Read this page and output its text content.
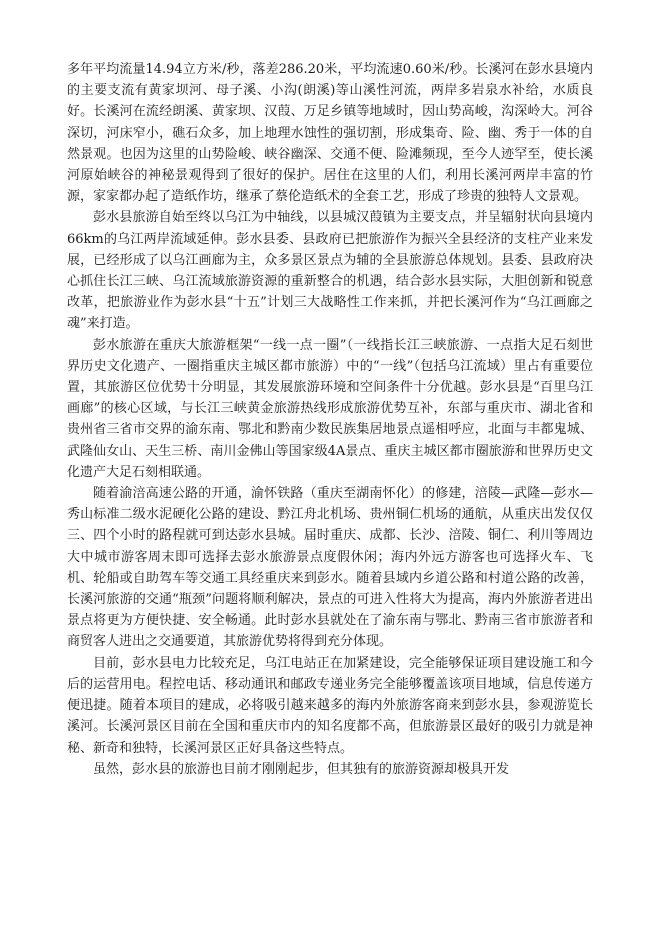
多年平均流量14.94立方米/秒，落差286.20米，平均流速0.60米/秒。长溪河在彭水县境内的主要支流有黄家坝河、母子溪、小沟(朗溪)等山溪性河流，两岸多岩泉水补给，水质良好。长溪河在流经朗溪、黄家坝、汉葭、万足乡镇等地域时，因山势高峻，沟深岭大。河谷深切，河床窄小，礁石众多，加上地理水蚀性的强切割，形成集奇、险、幽、秀于一体的自然景观。也因为这里的山势险峻、峡谷幽深、交通不便、险滩频现，至今人迹罕至，使长溪河原始峡谷的神秘景观得到了很好的保护。居住在这里的人们，利用长溪河两岸丰富的竹源，家家都办起了造纸作坊，继承了蔡伦造纸术的全套工艺，形成了珍贵的独特人文景观。

彭水县旅游自始至终以乌江为中轴线，以县城汉葭镇为主要支点，并呈辐射状向县境内66km的乌江两岸流域延伸。彭水县委、县政府已把旅游作为振兴全县经济的支柱产业来发展，已经形成了以乌江画廊为主，众多景区景点为辅的全县旅游总体规划。县委、县政府决心抓住长江三峡、乌江流域旅游资源的重新整合的机遇，结合彭水县实际，大胆创新和锐意改革，把旅游业作为彭水县“十五”计划三大战略性工作来抓，并把长溪河作为“乌江画廊之魂”来打造。

彭水旅游在重庆大旅游框架“一线一点一圈”（一线指长江三峡旅游、一点指大足石刻世界历史文化遗产、一圈指重庆主城区都市旅游）中的“一线”（包括乌江流域）里占有重要位置，其旅游区位优势十分明显，其发展旅游环境和空间条件十分优越。彭水县是“百里乌江画廊”的核心区域，与长江三峡黄金旅游热线形成旅游优势互补，东部与重庆市、湖北省和贵州省三省市交界的渝东南、鄂北和黔南少数民族集居地景点遥相呼应，北面与丰都鬼城、武隆仙女山、天生三桥、南川金佛山等国家级4A景点、重庆主城区都市圈旅游和世界历史文化遗产大足石刻相联通。

随着渝涪高速公路的开通，渝怀铁路（重庆至湖南怀化）的修建，涪陵—武隆—彭水—秀山标准二级水泥硬化公路的建设、黔江舟北机场、贵州铜仁机场的通航，从重庆出发仅仅三、四个小时的路程就可到达彭水县城。届时重庆、成都、长沙、涪陵、铜仁、利川等周边大中城市游客周末即可选择去彭水旅游景点度假休闲；海内外远方游客也可选择火车、飞机、轮船或自助驾车等交通工具经重庆来到彭水。随着县域内乡道公路和村道公路的改善，长溪河旅游的交通“瓶颈”问题将顺利解决，景点的可进入性将大为提高，海内外旅游者进出景点将更为方便快捷、安全畅通。此时彭水县就处在了渝东南与鄂北、黔南三省市旅游者和商贸客人进出之交通要道，其旅游优势将得到充分体现。

目前，彭水县电力比较充足，乌江电站正在加紧建设，完全能够保证项目建设施工和今后的运营用电。程控电话、移动通讯和邮政专递业务完全能够覆盖该项目地域，信息传递方便迅捷。随着本项目的建成，必将吸引越来越多的海内外旅游客商来到彭水县，参观游览长溪河。长溪河景区目前在全国和重庆市内的知名度都不高，但旅游景区最好的吸引力就是神秘、新奇和独特，长溪河景区正好具备这些特点。

虽然，彭水县的旅游也目前才刚刚起步，但其独有的旅游资源却极具开发
